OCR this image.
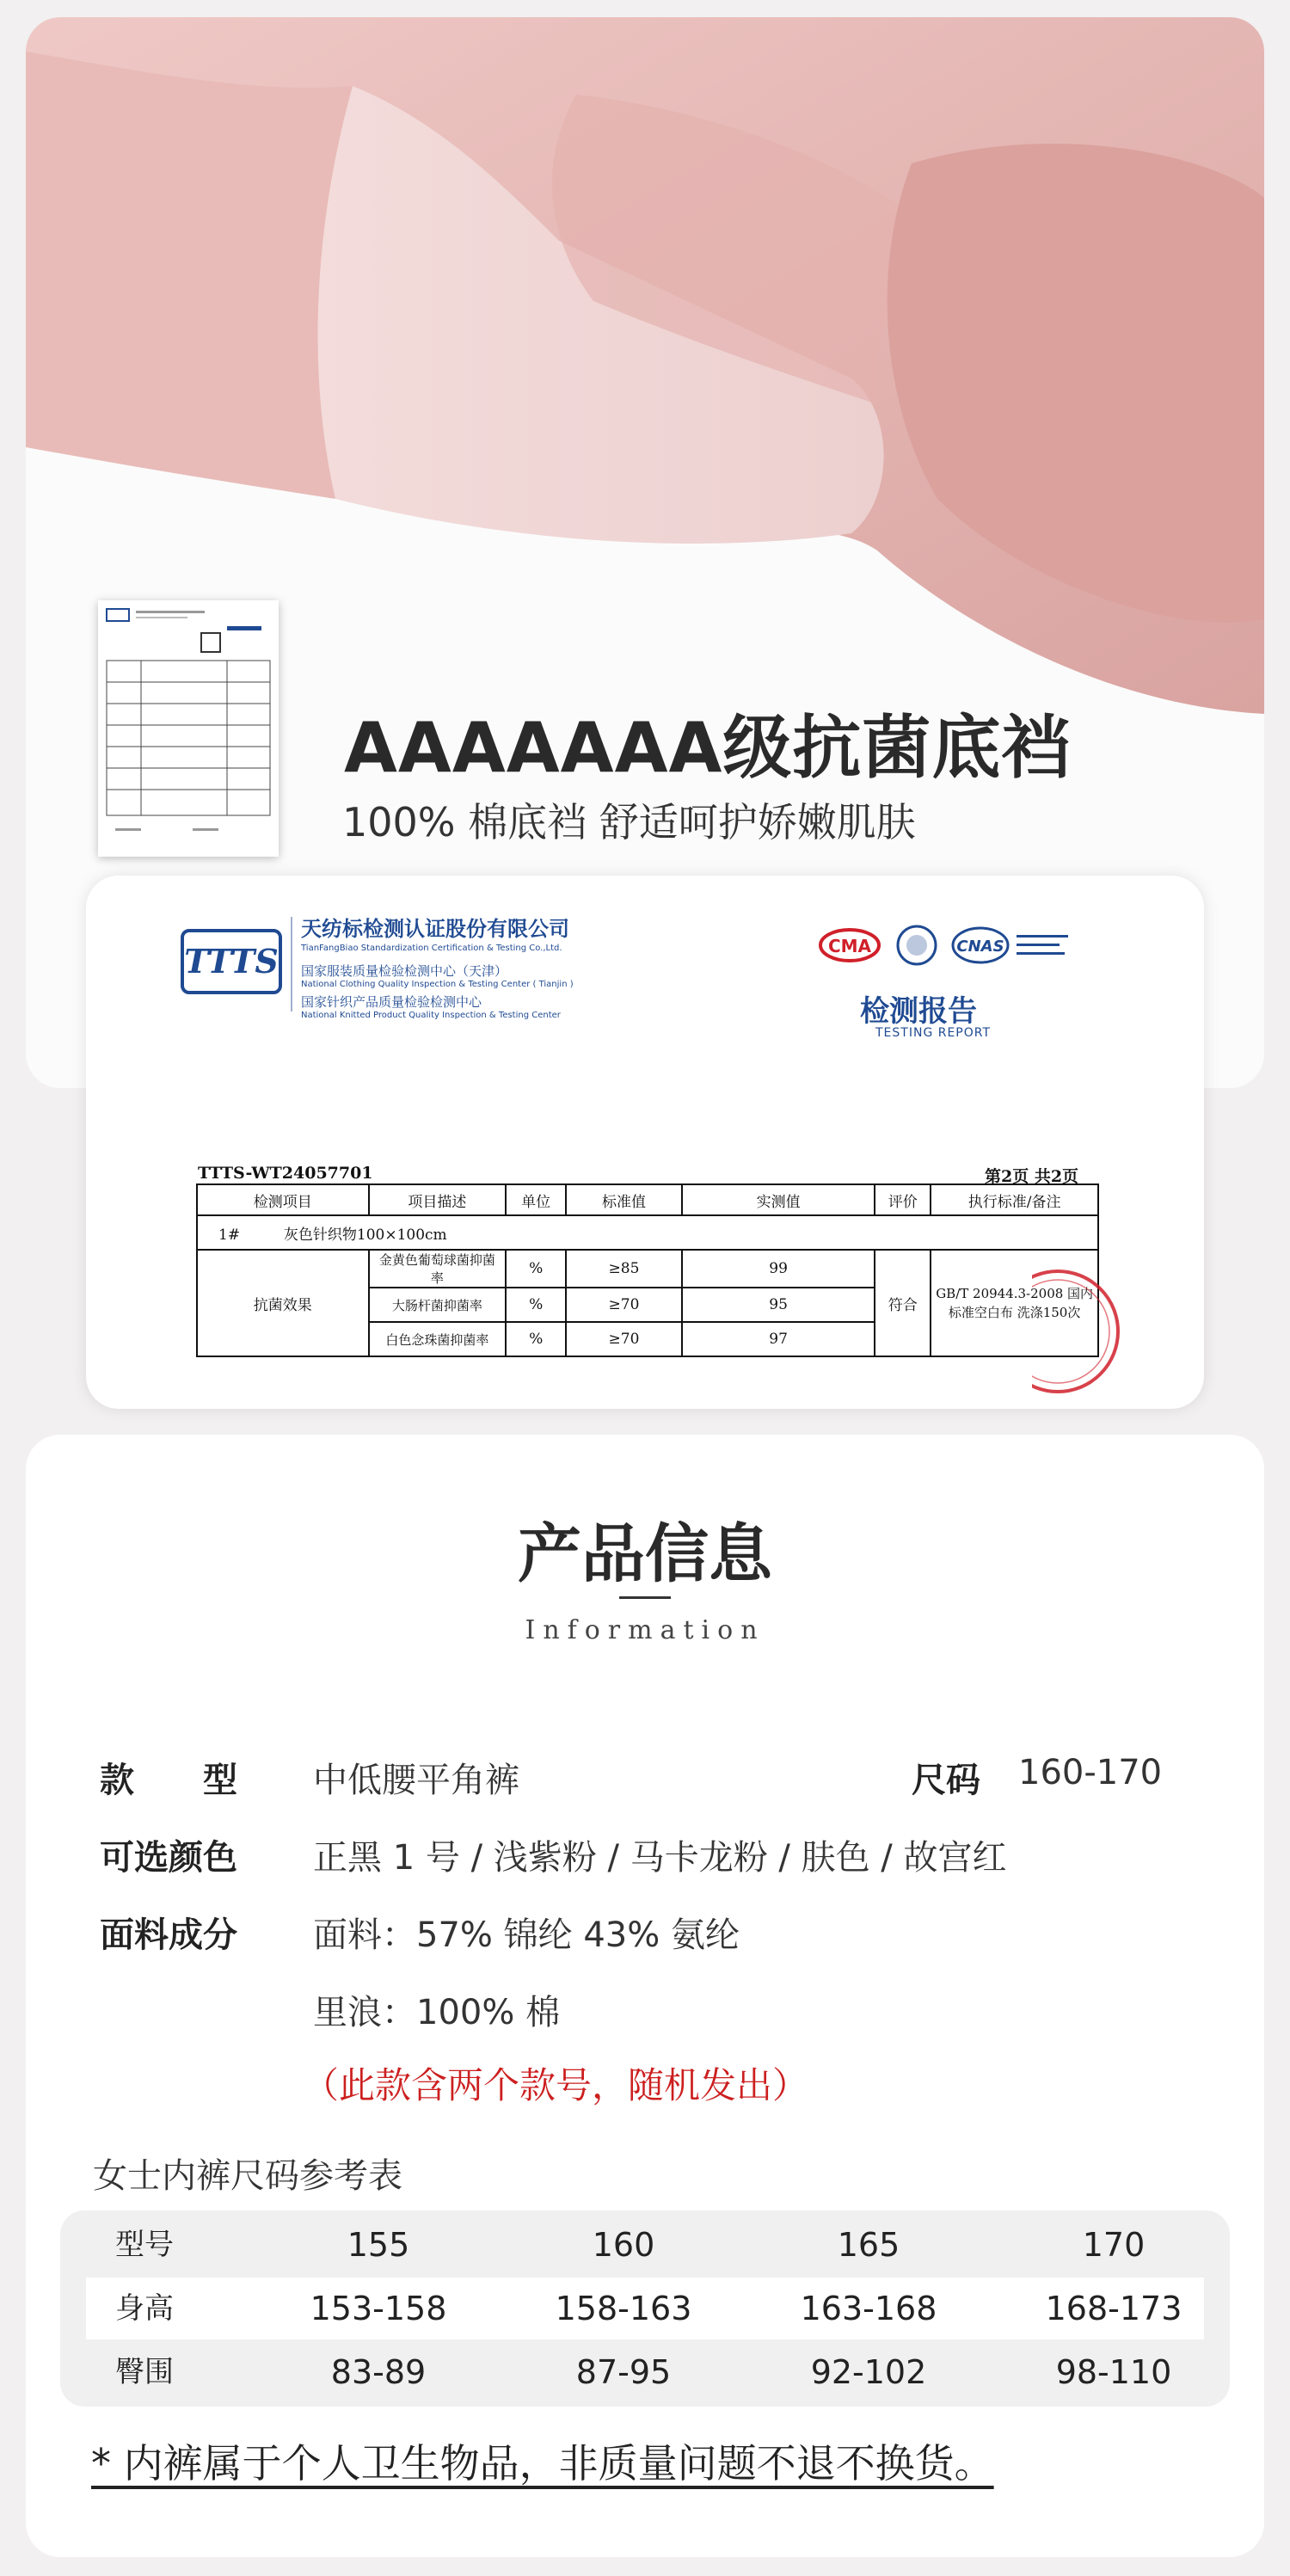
AAAAAAA级抗菌底裆

100% 棉底裆 舒适呵护娇嫩肌肤

TTTS

天纺标检测认证股份有限公司

TianFangBiao Standardization Certification & Testing Co.,Ltd.

国家服装质量检验检测中心（天津）

National Clothing Quality Inspection & Testing Center ( Tianjin )

国家针织产品质量检验检测中心

National Knitted Product Quality Inspection & Testing Center

CMA	CNAS

检测报告

TESTING REPORT

TTTS-WT24057701	第2页 共2页
检测项目	项目描述	单位	标准值	实测值	评价	执行标准/备注
1# 灰色针织物100×100cm						
抗菌效果	金黄色葡萄球菌抑菌率	%	≥85	99	符合	GB/T 20944.3-2008 国内标准空白布 洗涤150次
	大肠杆菌抑菌率	%	≥70	95		
	白色念珠菌抑菌率	%	≥70	97		
产品信息

Information

款　　型 中低腰平角裤	尺码 160-170

可选颜色 正黑 1 号 / 浅紫粉 / 马卡龙粉 / 肤色 / 故宫红

面料成分 面料：57% 锦纶 43% 氨纶

里浪：100% 棉

（此款含两个款号，随机发出）

女士内裤尺码参考表

型号	155	160	165	170
身高	153-158	158-163	163-168	168-173
臀围	83-89	87-95	92-102	98-110

* 内裤属于个人卫生物品，非质量问题不退不换货。
